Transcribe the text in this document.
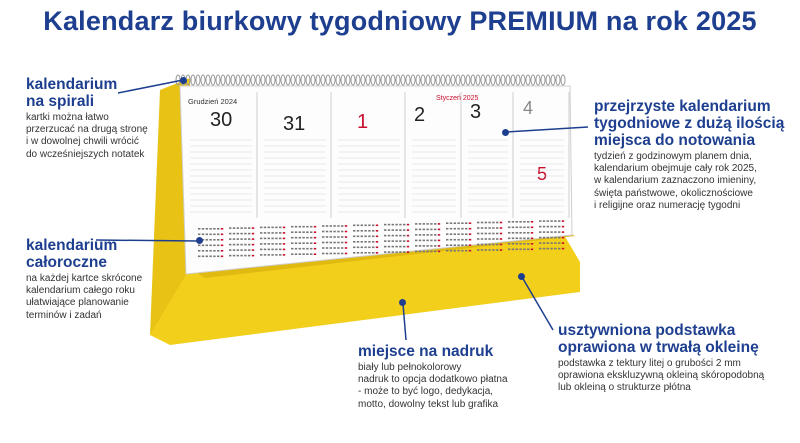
Kalendarz biurkowy tygodniowy PREMIUM na rok 2025
Grudzień 2024	Styczeń 2025
30	31	1 2 3 4
5
kalendarium
na spirali
kartki można łatwo
przerzucać na drugą stronę
i w dowolnej chwili wrócić
do wcześniejszych notatek
kalendarium
całoroczne
na każdej kartce skrócone
kalendarium całego roku
ułatwiające planowanie
terminów i zadań
przejrzyste kalendarium
tygodniowe z dużą ilością
miejsca do notowania
tydzień z godzinowym planem dnia,
kalendarium obejmuje cały rok 2025,
w kalendarium zaznaczono imieniny,
święta państwowe, okolicznościowe
i religijne oraz numerację tygodni
usztywniona podstawka
oprawiona w trwałą okleinę
podstawka z tektury litej o grubości 2 mm
oprawiona ekskluzywną okleiną skóropodobną
lub okleiną o strukturze płótna
miejsce na nadruk
biały lub pełnokolorowy
nadruk to opcja dodatkowo płatna
- może to być logo, dedykacja,
motto, dowolny tekst lub grafika
